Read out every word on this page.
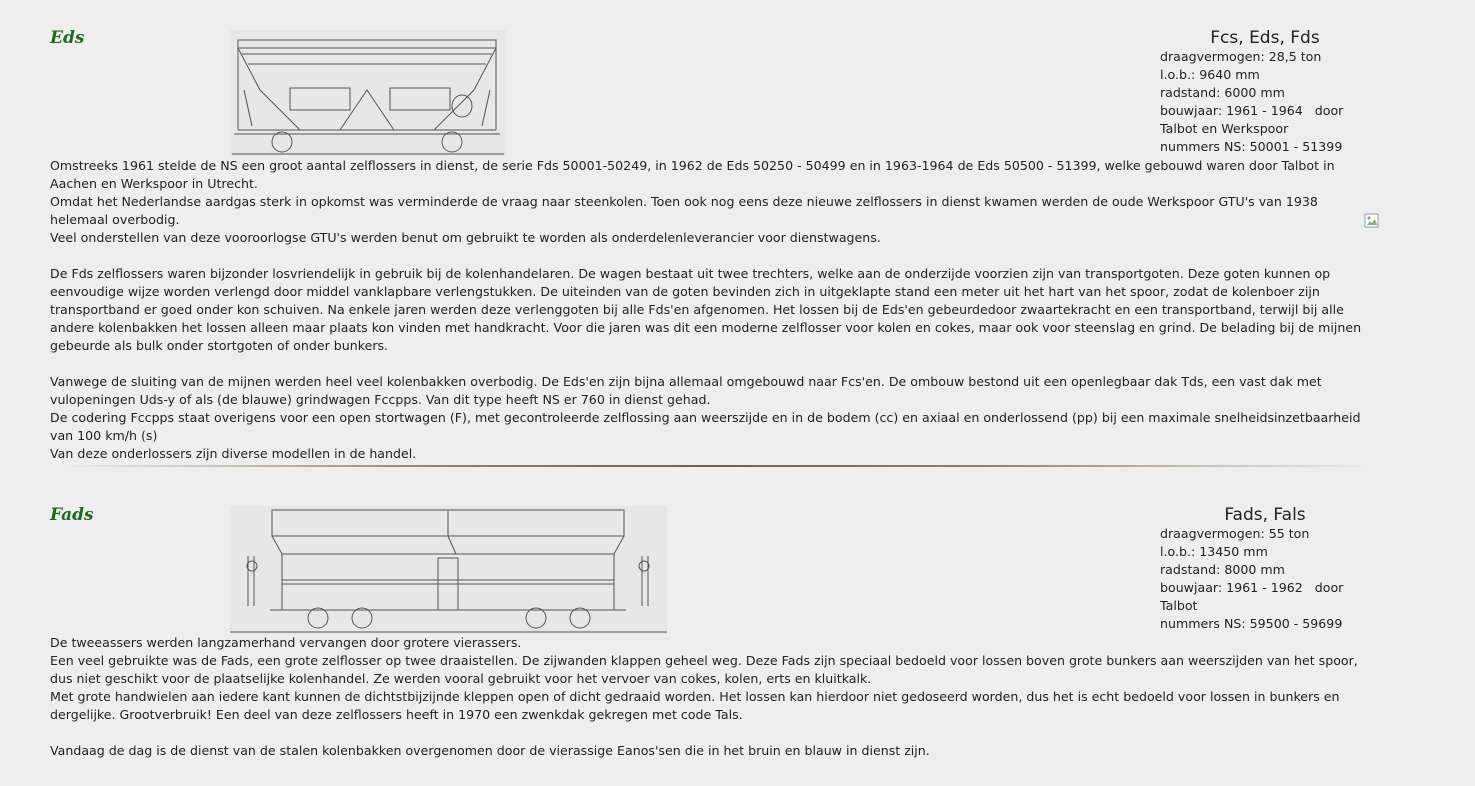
Eds	Fcs, Eds, Fds
draagvermogen: 28,5 ton
l.o.b.: 9640 mm
radstand: 6000 mm
bouwjaar: 1961 - 1964   door
Talbot en Werkspoor
nummers NS: 50001 - 51399

Omstreeks 1961 stelde de NS een groot aantal zelflossers in dienst, de serie Fds 50001-50249, in 1962 de Eds 50250 - 50499 en in 1963-1964 de Eds 50500 - 51399, welke gebouwd waren door Talbot in Aachen en Werkspoor in Utrecht.

Omdat het Nederlandse aardgas sterk in opkomst was verminderde de vraag naar steenkolen. Toen ook nog eens deze nieuwe zelflossers in dienst kwamen werden de oude Werkspoor GTU's van 1938 helemaal overbodig.

Veel onderstellen van deze vooroorlogse GTU's werden benut om gebruikt te worden als onderdelenleverancier voor dienstwagens.

De Fds zelflossers waren bijzonder losvriendelijk in gebruik bij de kolenhandelaren. De wagen bestaat uit twee trechters, welke aan de onderzijde voorzien zijn van transportgoten. Deze goten kunnen op eenvoudige wijze worden verlengd door middel vanklapbare verlengstukken. De uiteinden van de goten bevinden zich in uitgeklapte stand een meter uit het hart van het spoor, zodat de kolenboer zijn transportband er goed onder kon schuiven. Na enkele jaren werden deze verlenggoten bij alle Fds'en afgenomen. Het lossen bij de Eds'en gebeurdedoor zwaartekracht en een transportband, terwijl bij alle andere kolenbakken het lossen alleen maar plaats kon vinden met handkracht. Voor die jaren was dit een moderne zelflosser voor kolen en cokes, maar ook voor steenslag en grind. De belading bij de mijnen gebeurde als bulk onder stortgoten of onder bunkers.

Vanwege de sluiting van de mijnen werden heel veel kolenbakken overbodig. De Eds'en zijn bijna allemaal omgebouwd naar Fcs'en. De ombouw bestond uit een openlegbaar dak Tds, een vast dak met vulopeningen Uds-y of als (de blauwe) grindwagen Fccpps. Van dit type heeft NS er 760 in dienst gehad.

De codering Fccpps staat overigens voor een open stortwagen (F), met gecontroleerde zelflossing aan weerszijde en in de bodem (cc) en axiaal en onderlossend (pp) bij een maximale snelheidsinzetbaarheid van 100 km/h (s)

Van deze onderlossers zijn diverse modellen in de handel.

Fads	Fads, Fals
draagvermogen: 55 ton
l.o.b.: 13450 mm
radstand: 8000 mm
bouwjaar: 1961 - 1962   door
Talbot
nummers NS: 59500 - 59699

De tweeassers werden langzamerhand vervangen door grotere vierassers.

Een veel gebruikte was de Fads, een grote zelflosser op twee draaistellen. De zijwanden klappen geheel weg. Deze Fads zijn speciaal bedoeld voor lossen boven grote bunkers aan weerszijden van het spoor, dus niet geschikt voor de plaatselijke kolenhandel. Ze werden vooral gebruikt voor het vervoer van cokes, kolen, erts en kluitkalk.

Met grote handwielen aan iedere kant kunnen de dichtstbijzijnde kleppen open of dicht gedraaid worden. Het lossen kan hierdoor niet gedoseerd worden, dus het is echt bedoeld voor lossen in bunkers en dergelijke. Grootverbruik! Een deel van deze zelflossers heeft in 1970 een zwenkdak gekregen met code Tals.

Vandaag de dag is de dienst van de stalen kolenbakken overgenomen door de vierassige Eanos'sen die in het bruin en blauw in dienst zijn.
